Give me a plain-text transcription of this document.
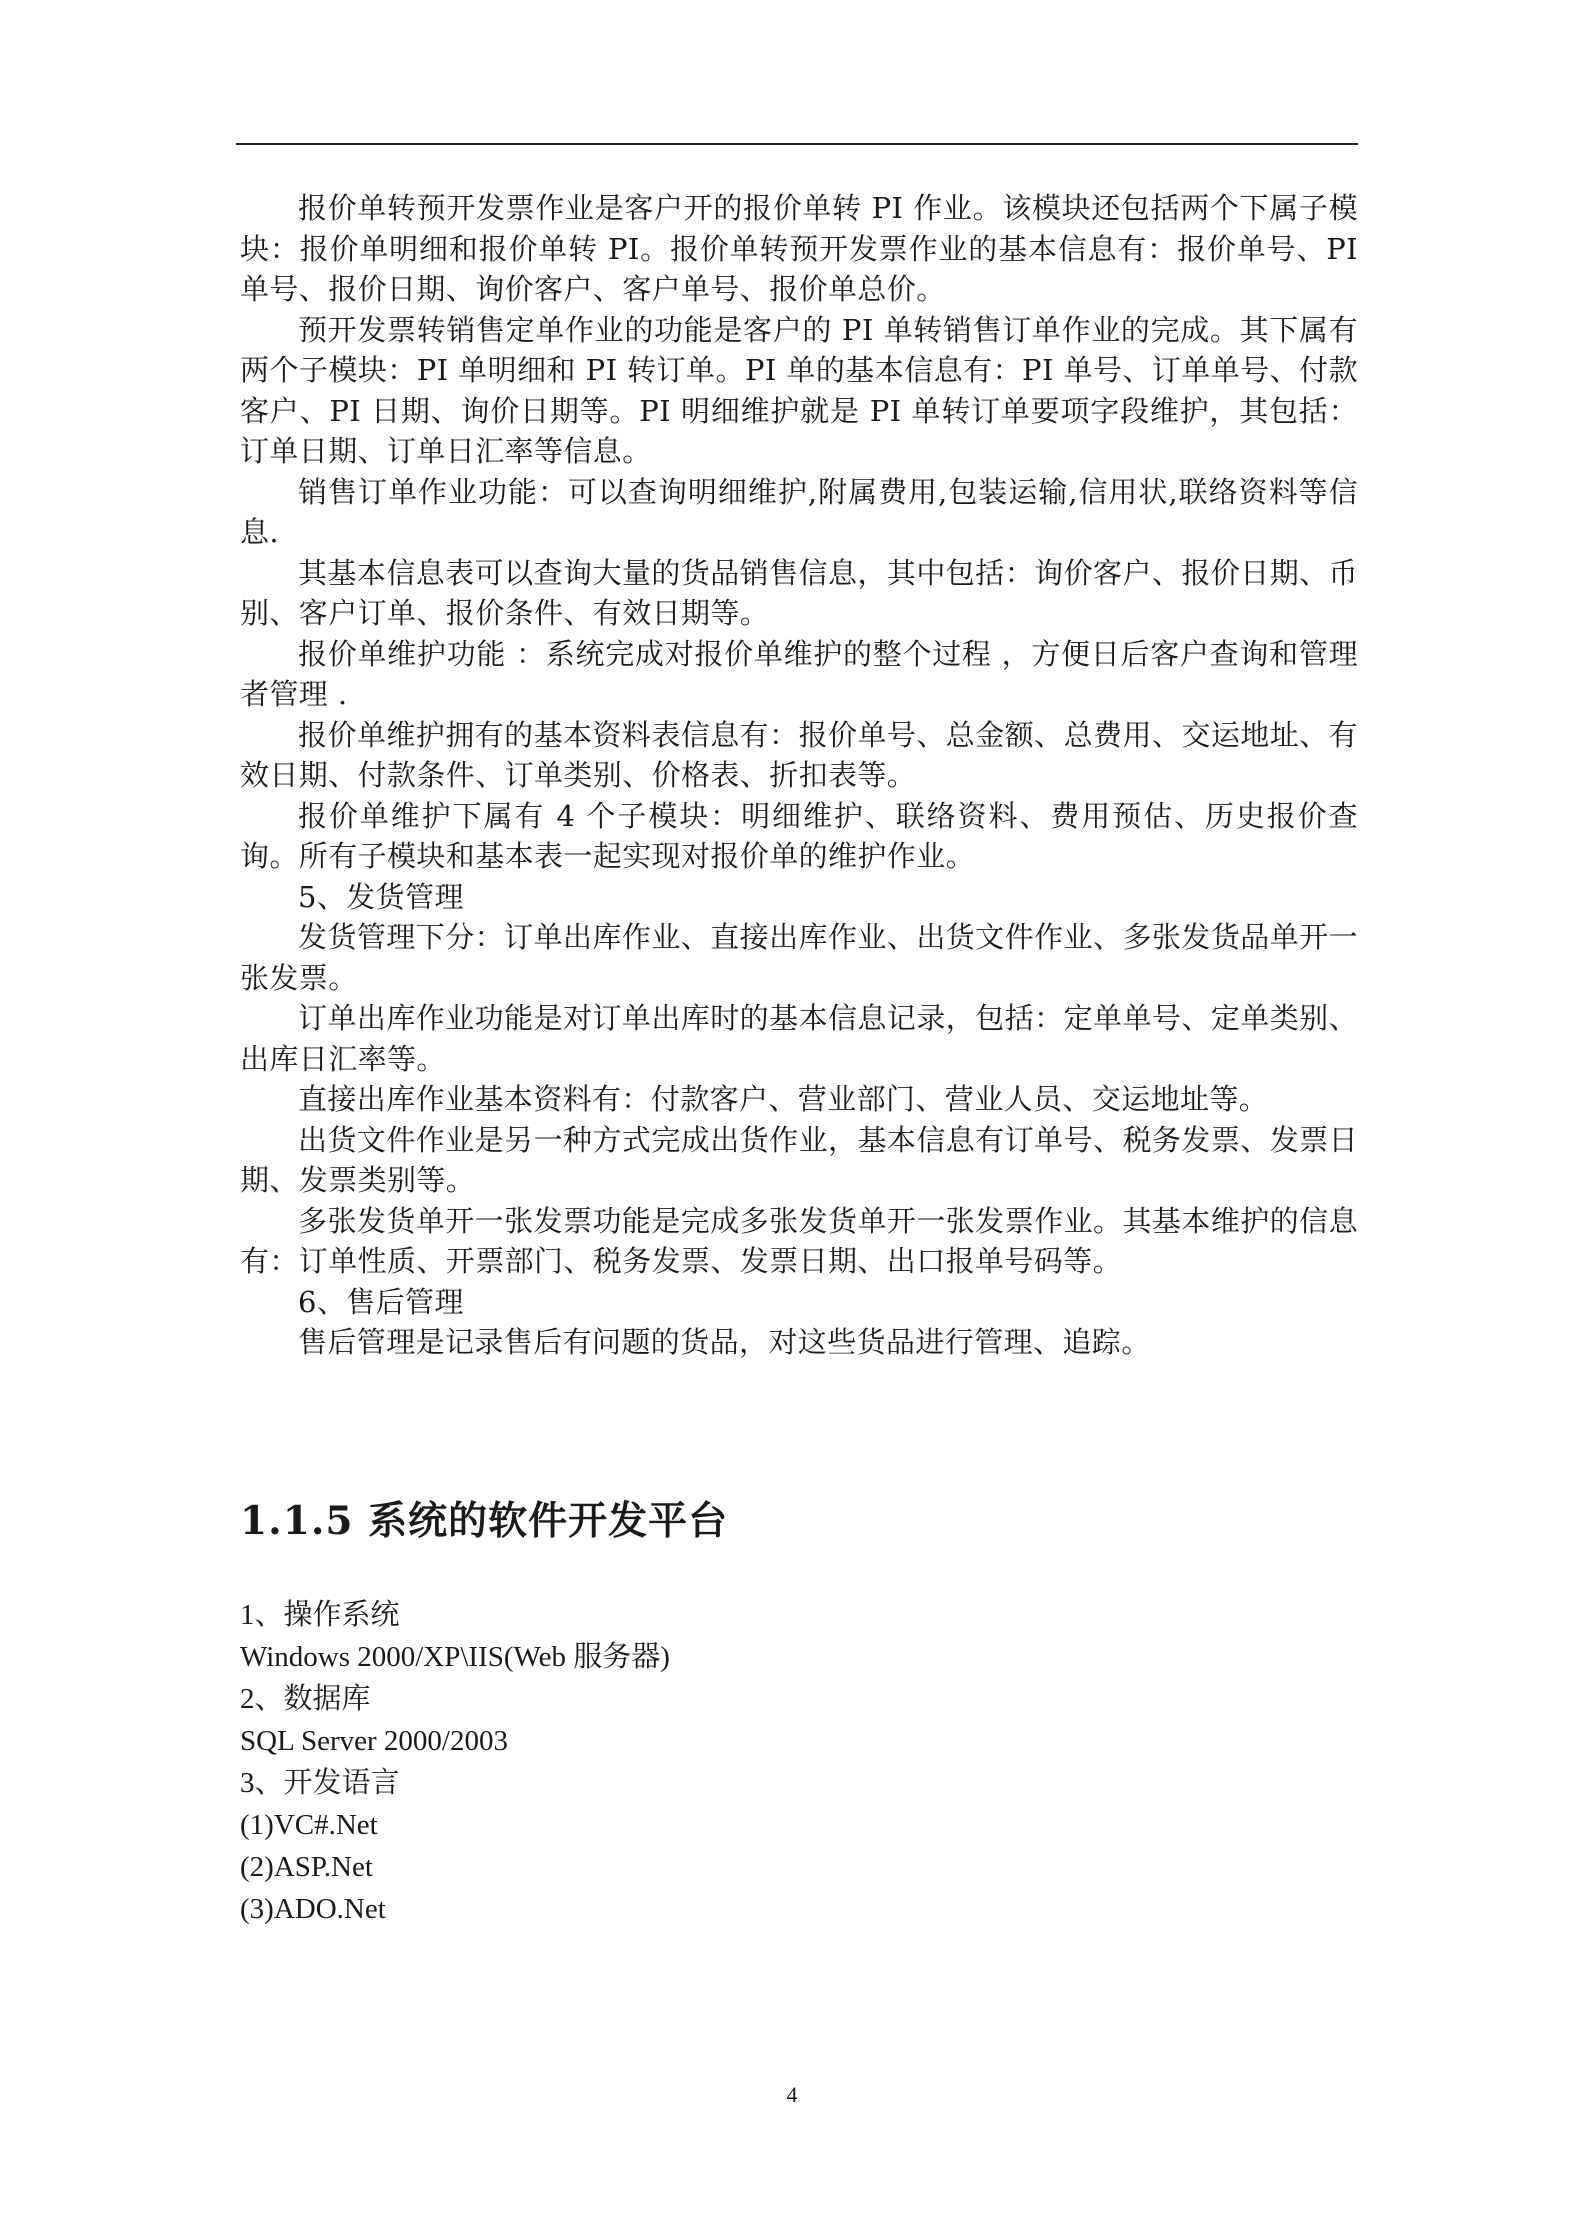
报价单转预开发票作业是客户开的报价单转 PI 作业。该模块还包括两个下属子模块：报价单明细和报价单转 PI。报价单转预开发票作业的基本信息有：报价单号、PI 单号、报价日期、询价客户、客户单号、报价单总价。

预开发票转销售定单作业的功能是客户的 PI 单转销售订单作业的完成。其下属有两个子模块：PI 单明细和 PI 转订单。PI 单的基本信息有：PI 单号、订单单号、付款客户、PI 日期、询价日期等。PI 明细维护就是 PI 单转订单要项字段维护，其包括：订单日期、订单日汇率等信息。

销售订单作业功能：可以查询明细维护,附属费用,包装运输,信用状,联络资料等信息.

其基本信息表可以查询大量的货品销售信息，其中包括：询价客户、报价日期、币别、客户订单、报价条件、有效日期等。

报价单维护功能 ：系统完成对报价单维护的整个过程 ，方便日后客户查询和管理者管理 .

报价单维护拥有的基本资料表信息有：报价单号、总金额、总费用、交运地址、有效日期、付款条件、订单类别、价格表、折扣表等。

报价单维护下属有 4 个子模块：明细维护、联络资料、费用预估、历史报价查询。所有子模块和基本表一起实现对报价单的维护作业。

5、发货管理

发货管理下分：订单出库作业、直接出库作业、出货文件作业、多张发货品单开一张发票。

订单出库作业功能是对订单出库时的基本信息记录，包括：定单单号、定单类别、出库日汇率等。

直接出库作业基本资料有：付款客户、营业部门、营业人员、交运地址等。

出货文件作业是另一种方式完成出货作业，基本信息有订单号、税务发票、发票日期、发票类别等。

多张发货单开一张发票功能是完成多张发货单开一张发票作业。其基本维护的信息有：订单性质、开票部门、税务发票、发票日期、出口报单号码等。

6、售后管理

售后管理是记录售后有问题的货品，对这些货品进行管理、追踪。

1.1.5 系统的软件开发平台

1、操作系统

Windows 2000/XP\IIS(Web 服务器)

2、数据库

SQL Server 2000/2003

3、开发语言

(1)VC#.Net

(2)ASP.Net

(3)ADO.Net

4
